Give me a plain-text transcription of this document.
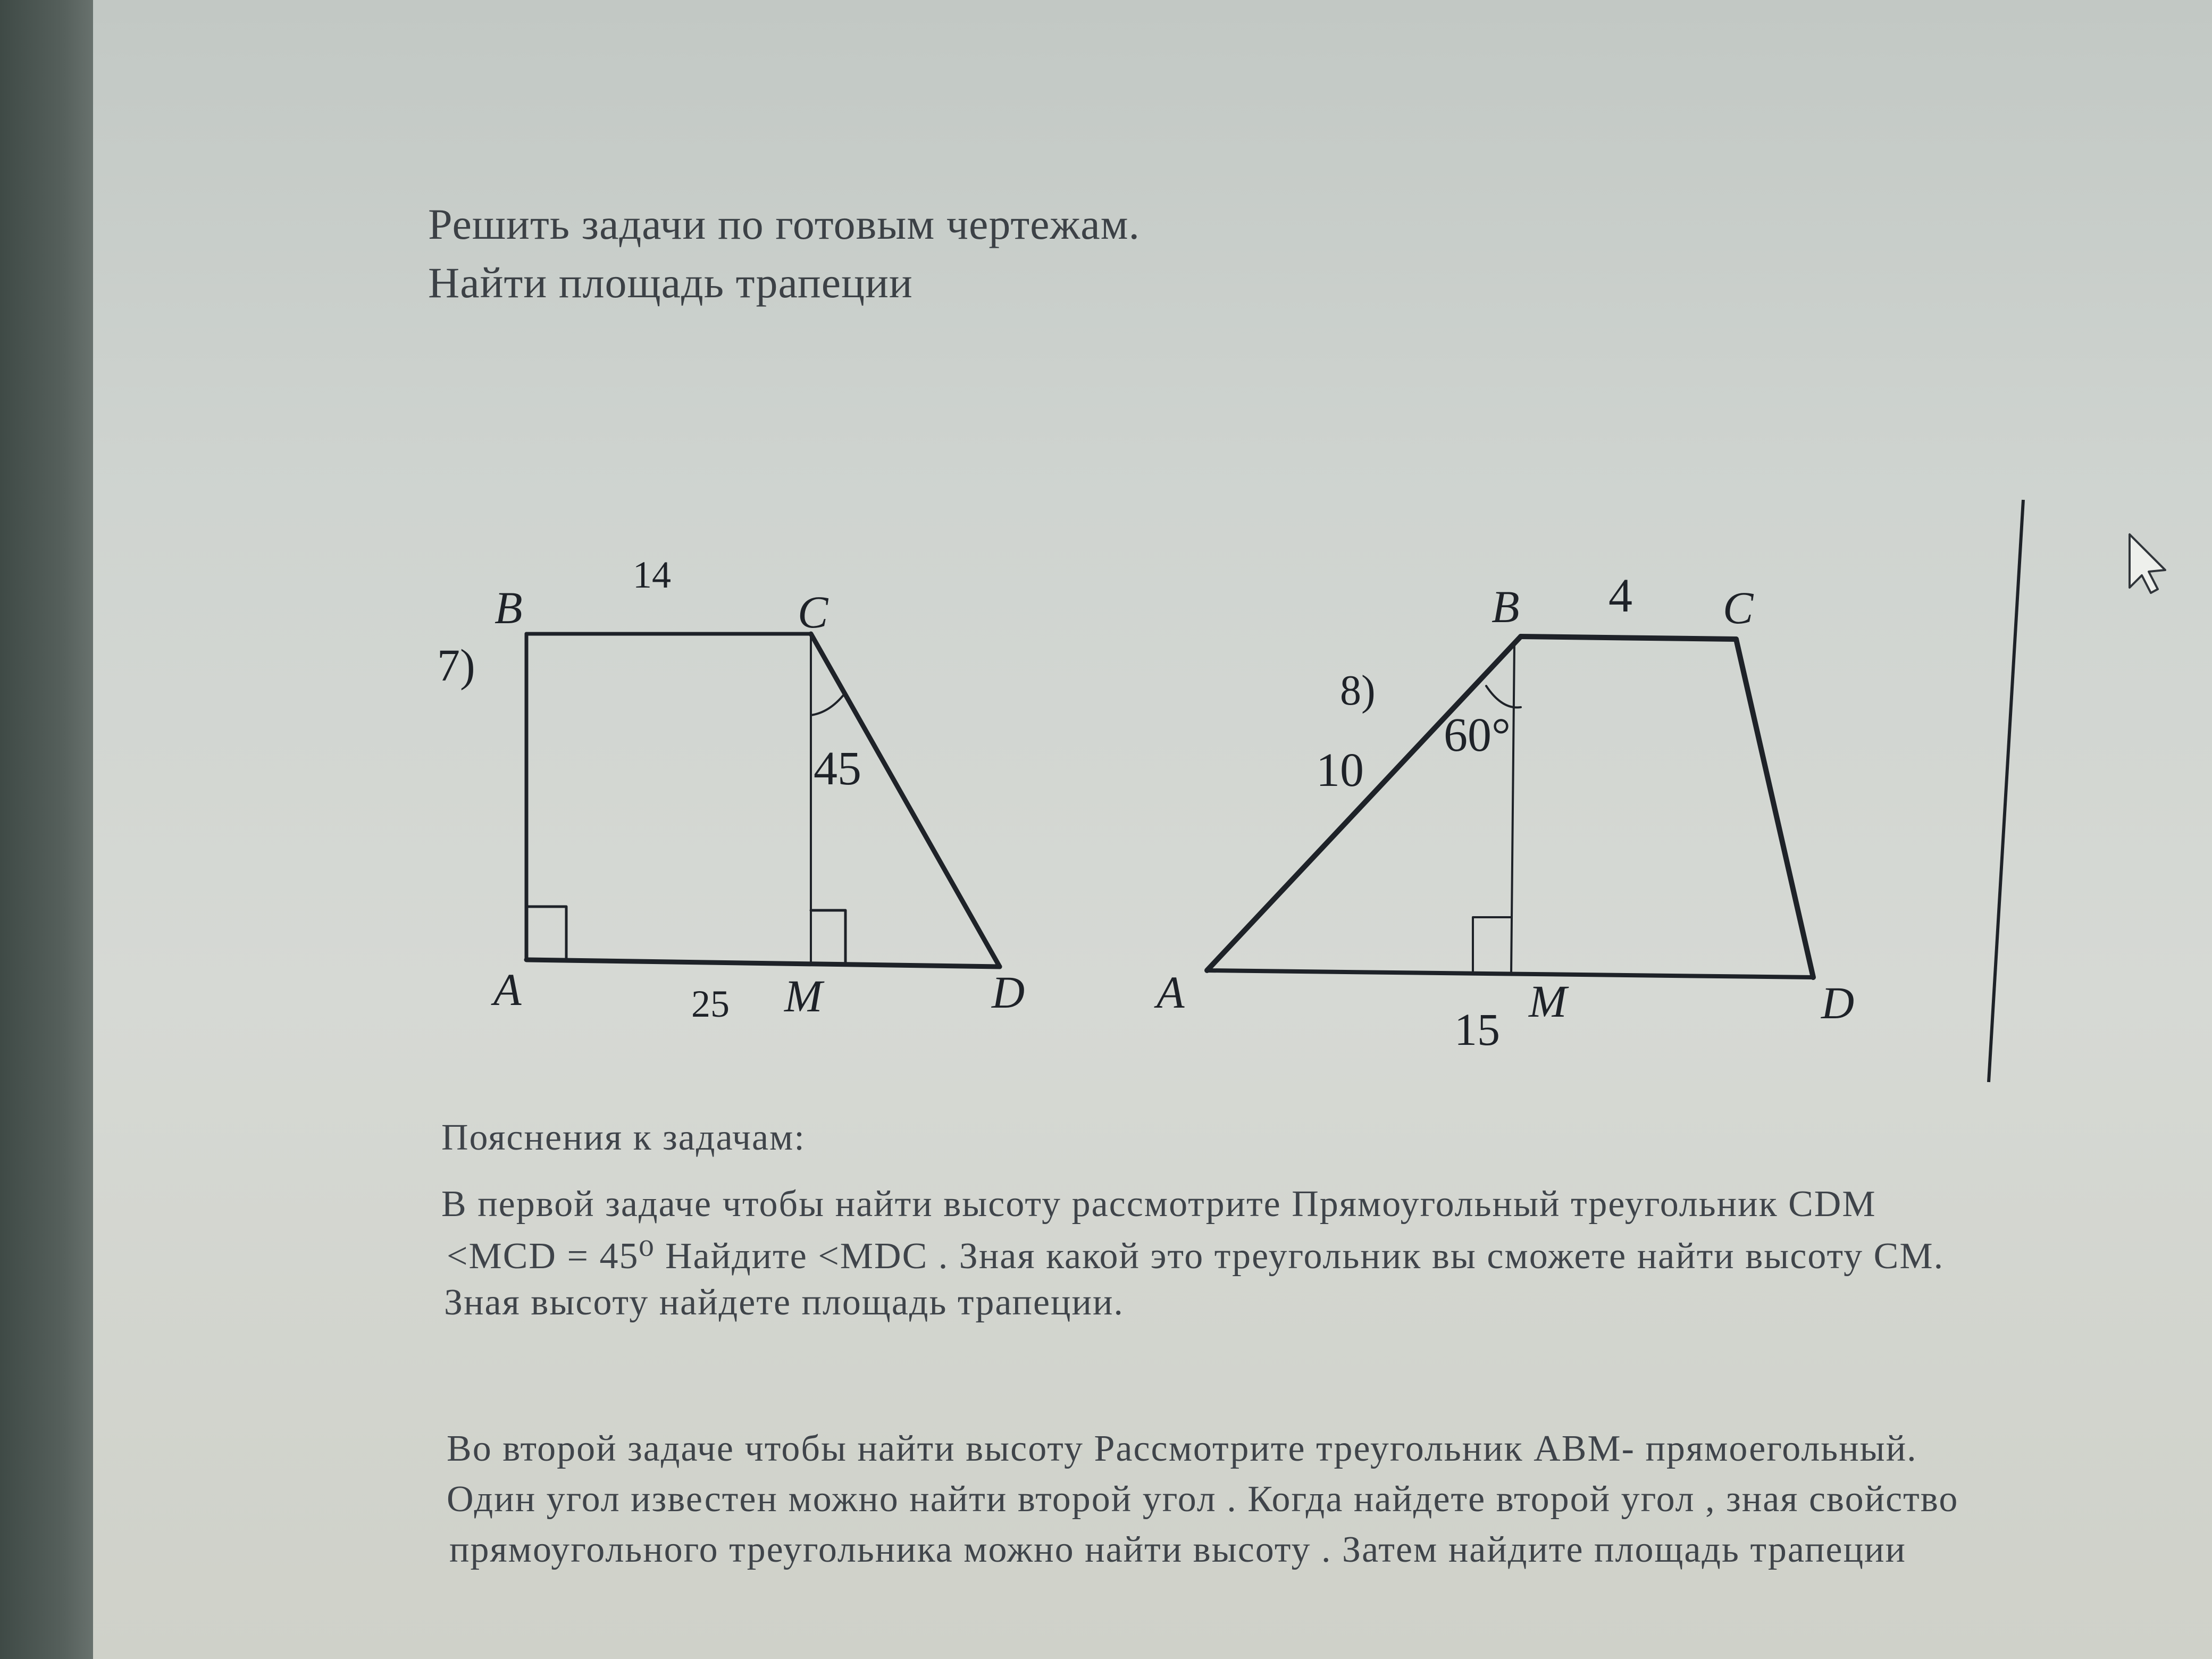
Решить задачи по готовым чертежам.
Найти площадь трапеции
B	C
A	M	D
7)
14
45
25
B	C
A	M	D
8)
4
10
60°
15
Пояснения к задачам:
В первой задаче чтобы найти высоту рассмотрите Прямоугольный треугольник CDM
<MCD = 45⁰ Найдите <MDC . Зная какой это треугольник вы сможете найти высоту CM.
Зная высоту найдете площадь трапеции.
Во второй задаче чтобы найти высоту Рассмотрите треугольник ABM- прямоегольный.
Один угол известен можно найти второй угол . Когда найдете второй угол , зная свойство
прямоугольного треугольника можно найти высоту . Затем найдите площадь трапеции
